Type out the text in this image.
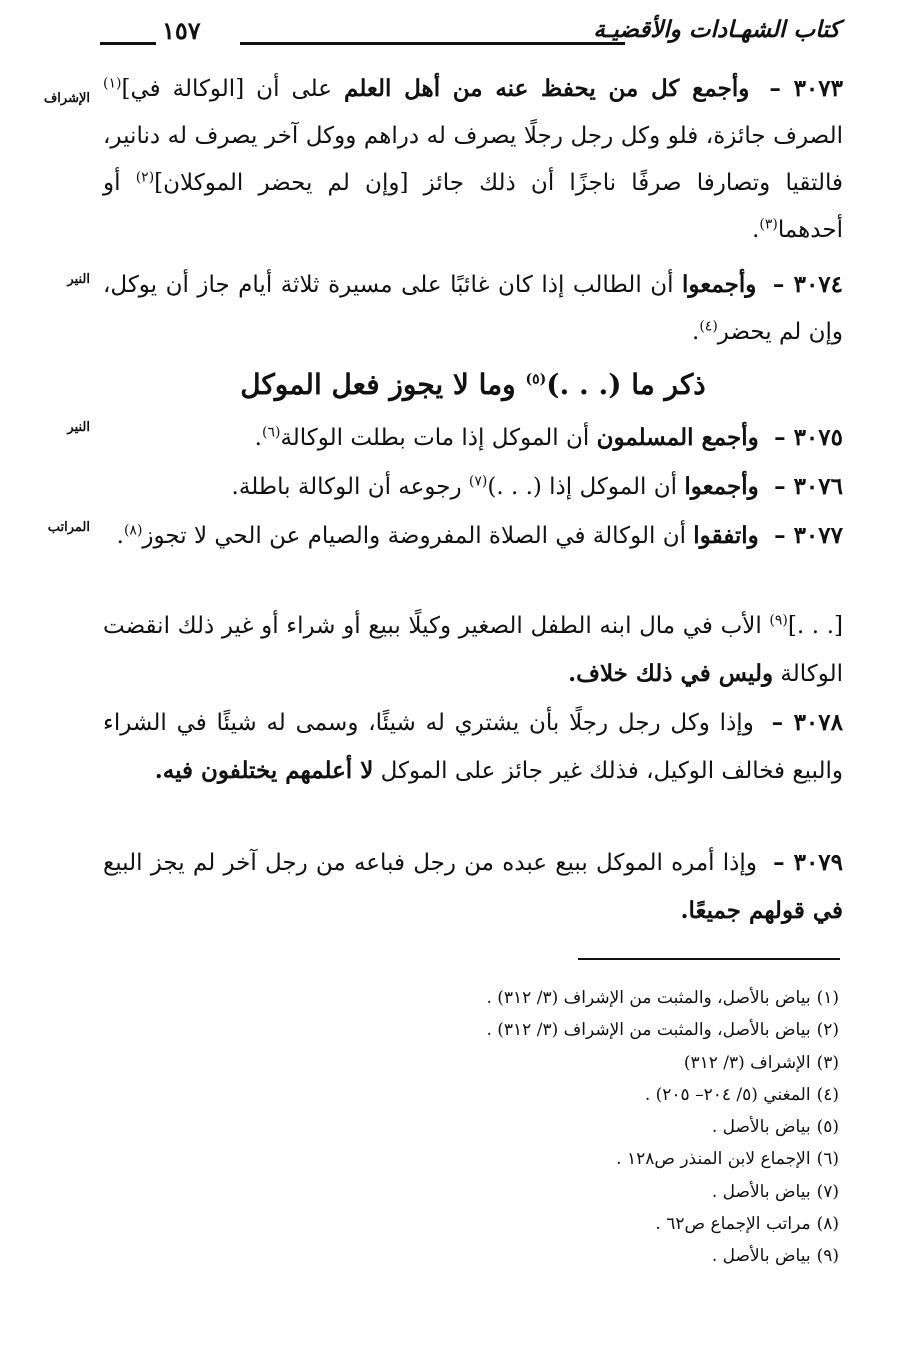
كتاب الشهـادات والأقضيـة
١٥٧
الإشراف
النير
النير
المراتب
٣٠٧٣ – وأجمع كل من يحفظ عنه من أهل العلم على أن [الوكالة في]$^{(١)}$ الصرف جائزة، فلو وكل رجل رجلًا يصرف له دراهم ووكل آخر يصرف له دنانير، فالتقيا وتصارفا صرفًا ناجزًا أن ذلك جائز [وإن لم يحضر الموكلان]$^{(٢)}$ أو أحدهما$^{(٣)}$.
٣٠٧٤ – وأجمعوا أن الطالب إذا كان غائبًا على مسيرة ثلاثة أيام جاز أن يوكل، وإن لم يحضر$^{(٤)}$.
ذكر ما (. . .)$^{(٥)}$ وما لا يجوز فعل الموكل
٣٠٧٥ – وأجمع المسلمون أن الموكل إذا مات بطلت الوكالة$^{(٦)}$.
٣٠٧٦ – وأجمعوا أن الموكل إذا (. . .)$^{(٧)}$ رجوعه أن الوكالة باطلة.
٣٠٧٧ – واتفقوا أن الوكالة في الصلاة المفروضة والصيام عن الحي لا تجوز$^{(٨)}$.
[. . .]$^{(٩)}$ الأب في مال ابنه الطفل الصغير وكيلًا ببيع أو شراء أو غير ذلك انقضت الوكالة وليس في ذلك خلاف.
٣٠٧٨ – وإذا وكل رجل رجلًا بأن يشتري له شيئًا، وسمى له شيئًا في الشراء والبيع فخالف الوكيل، فذلك غير جائز على الموكل لا أعلمهم يختلفون فيه.
٣٠٧٩ – وإذا أمره الموكل ببيع عبده من رجل فباعه من رجل آخر لم يجز البيع في قولهم جميعًا.
(١)بياض بالأصل، والمثبت من الإشراف (٣/ ٣١٢) .
(٢)بياض بالأصل، والمثبت من الإشراف (٣/ ٣١٢) .
(٣)الإشراف (٣/ ٣١٢)
(٤)المغني (٥/ ٢٠٤– ٢٠٥) .
(٥)بياض بالأصل .
(٦)الإجماع لابن المنذر ص١٢٨ .
(٧)بياض بالأصل .
(٨)مراتب الإجماع ص٦٢ .
(٩)بياض بالأصل .
